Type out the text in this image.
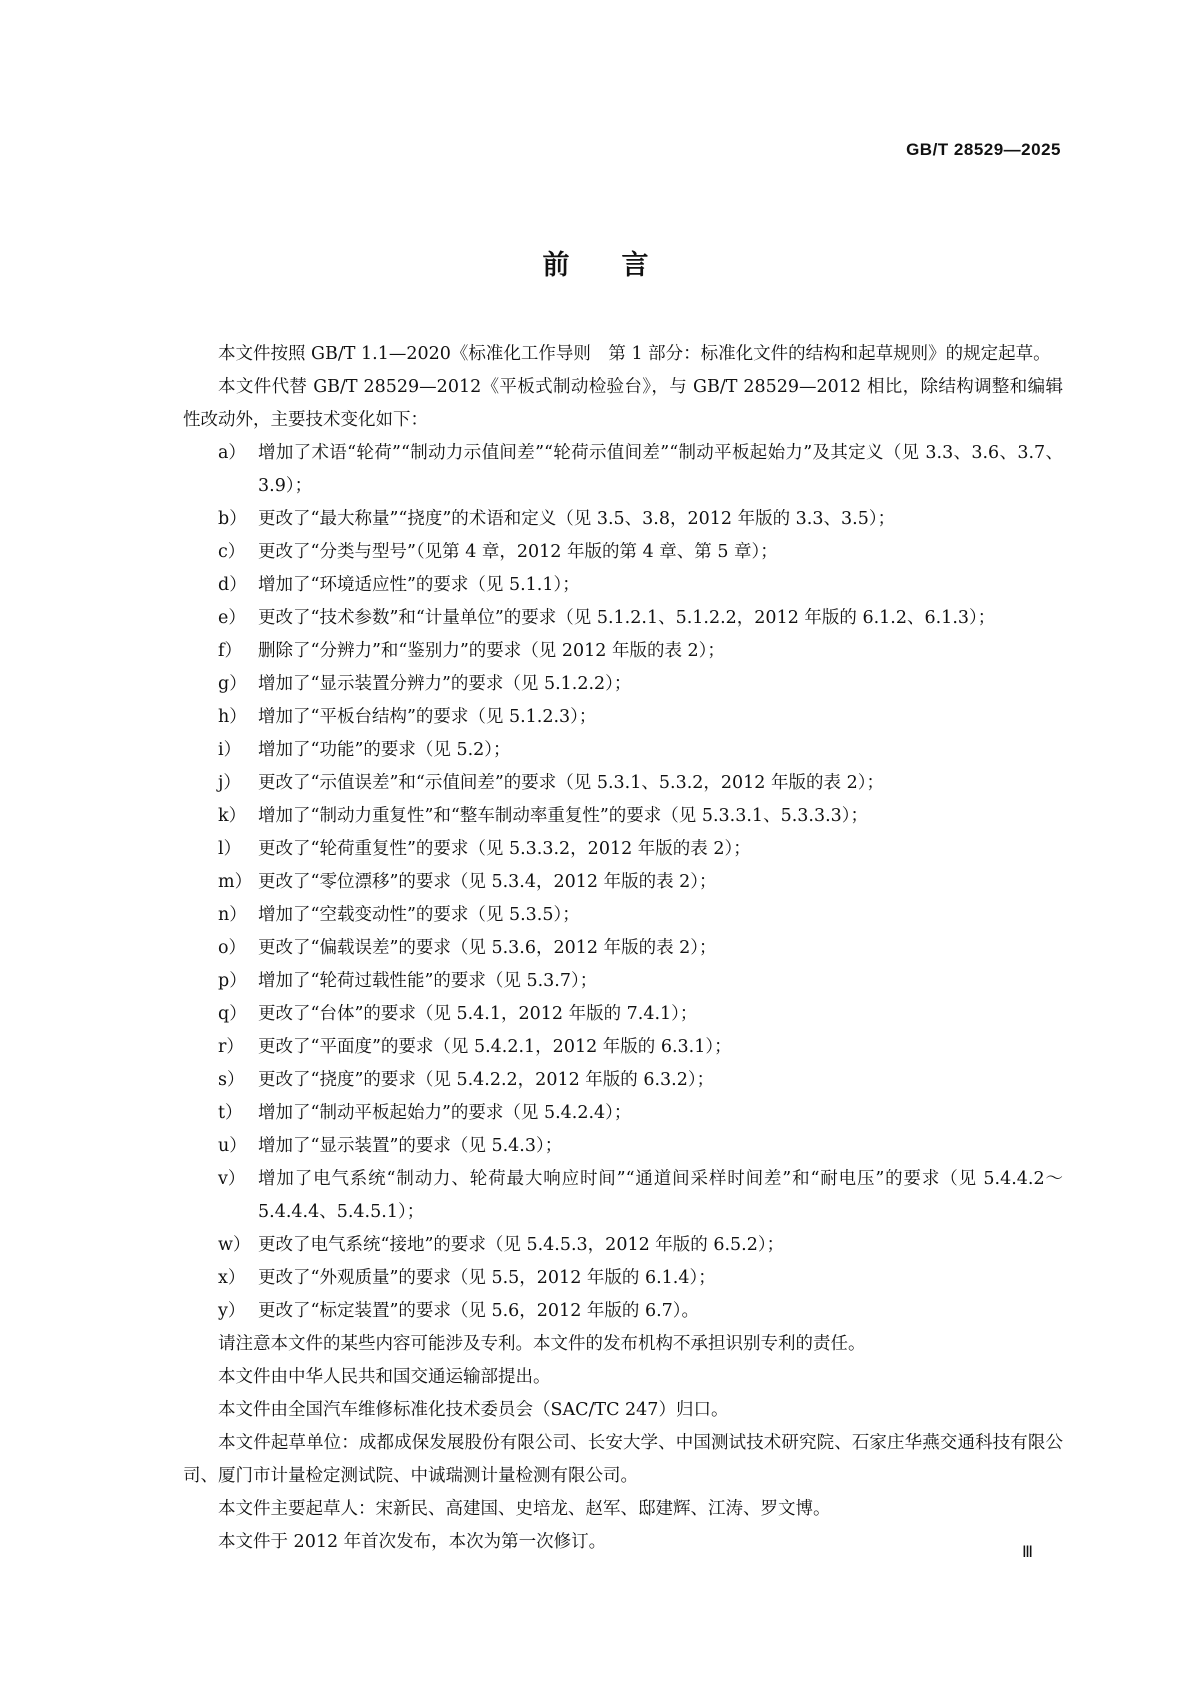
GB/T 28529—2025
前言

本文件按照 GB/T 1.1—2020《标准化工作导则　第 1 部分：标准化文件的结构和起草规则》的规定起草。

本文件代替 GB/T 28529—2012《平板式制动检验台》，与 GB/T 28529—2012 相比，除结构调整和编辑性改动外，主要技术变化如下：

a） 增加了术语“轮荷”“制动力示值间差”“轮荷示值间差”“制动平板起始力”及其定义（见 3.3、3.6、3.7、3.9）；
b） 更改了“最大称量”“挠度”的术语和定义（见 3.5、3.8，2012 年版的 3.3、3.5）；
c） 更改了“分类与型号”（见第 4 章，2012 年版的第 4 章、第 5 章）；
d） 增加了“环境适应性”的要求（见 5.1.1）；
e） 更改了“技术参数”和“计量单位”的要求（见 5.1.2.1、5.1.2.2，2012 年版的 6.1.2、6.1.3）；
f） 删除了“分辨力”和“鉴别力”的要求（见 2012 年版的表 2）；
g） 增加了“显示装置分辨力”的要求（见 5.1.2.2）；
h） 增加了“平板台结构”的要求（见 5.1.2.3）；
i） 增加了“功能”的要求（见 5.2）；
j） 更改了“示值误差”和“示值间差”的要求（见 5.3.1、5.3.2，2012 年版的表 2）；
k） 增加了“制动力重复性”和“整车制动率重复性”的要求（见 5.3.3.1、5.3.3.3）；
l） 更改了“轮荷重复性”的要求（见 5.3.3.2，2012 年版的表 2）；
m） 更改了“零位漂移”的要求（见 5.3.4，2012 年版的表 2）；
n） 增加了“空载变动性”的要求（见 5.3.5）；
o） 更改了“偏载误差”的要求（见 5.3.6，2012 年版的表 2）；
p） 增加了“轮荷过载性能”的要求（见 5.3.7）；
q） 更改了“台体”的要求（见 5.4.1，2012 年版的 7.4.1）；
r） 更改了“平面度”的要求（见 5.4.2.1，2012 年版的 6.3.1）；
s） 更改了“挠度”的要求（见 5.4.2.2，2012 年版的 6.3.2）；
t） 增加了“制动平板起始力”的要求（见 5.4.2.4）；
u） 增加了“显示装置”的要求（见 5.4.3）；
v） 增加了电气系统“制动力、轮荷最大响应时间”“通道间采样时间差”和“耐电压”的要求（见 5.4.4.2～5.4.4.4、5.4.5.1）；
w） 更改了电气系统“接地”的要求（见 5.4.5.3，2012 年版的 6.5.2）；
x） 更改了“外观质量”的要求（见 5.5，2012 年版的 6.1.4）；
y） 更改了“标定装置”的要求（见 5.6，2012 年版的 6.7）。

请注意本文件的某些内容可能涉及专利。本文件的发布机构不承担识别专利的责任。

本文件由中华人民共和国交通运输部提出。

本文件由全国汽车维修标准化技术委员会（SAC/TC 247）归口。

本文件起草单位：成都成保发展股份有限公司、长安大学、中国测试技术研究院、石家庄华燕交通科技有限公司、厦门市计量检定测试院、中诚瑞测计量检测有限公司。

本文件主要起草人：宋新民、高建国、史培龙、赵军、邸建辉、江涛、罗文博。

本文件于 2012 年首次发布，本次为第一次修订。	Ⅲ
